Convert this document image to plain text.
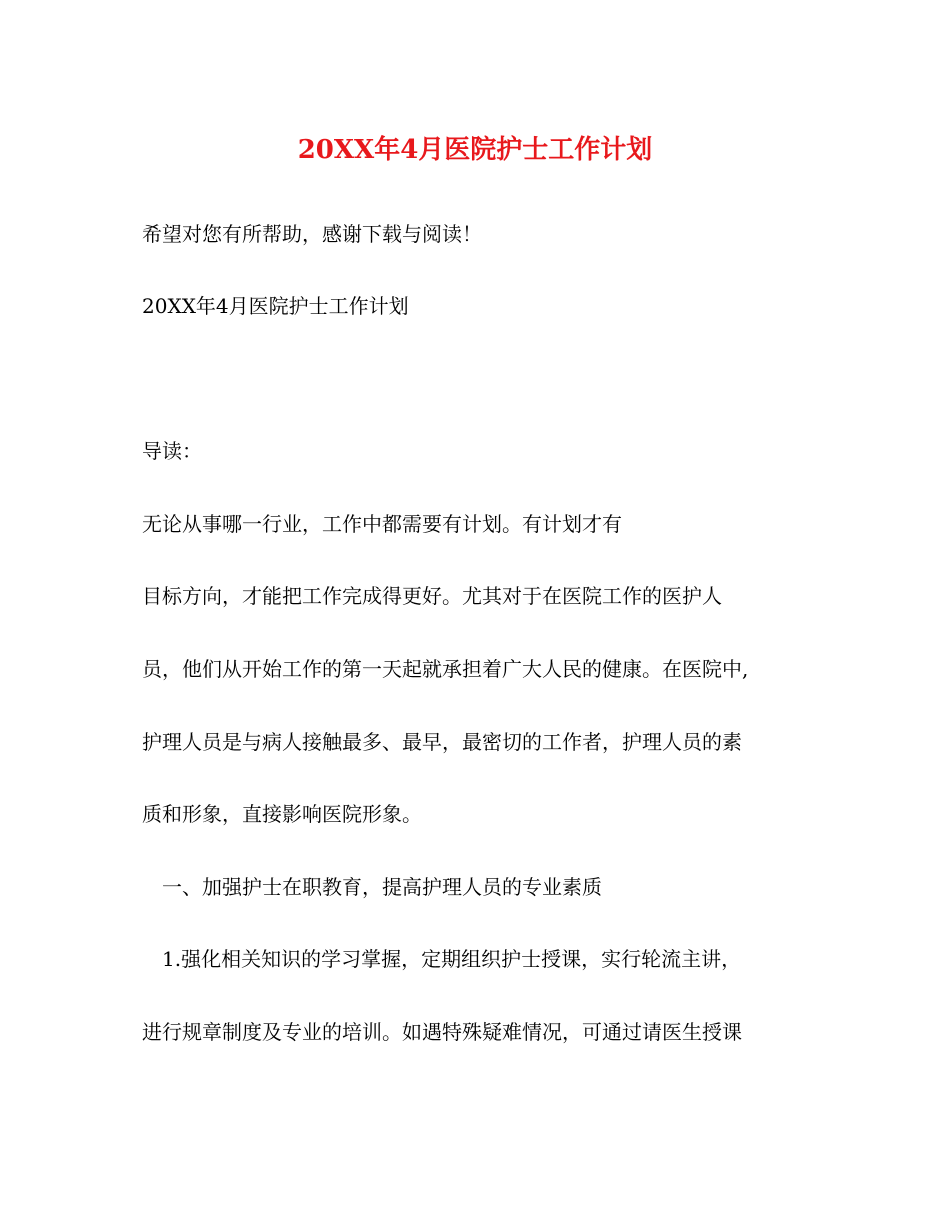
20XX年4月医院护士工作计划
希望对您有所帮助，感谢下载与阅读！
20XX年4月医院护士工作计划
导读：
无论从事哪一行业，工作中都需要有计划。有计划才有
目标方向，才能把工作完成得更好。尤其对于在医院工作的医护人
员，他们从开始工作的第一天起就承担着广大人民的健康。在医院中,
护理人员是与病人接触最多、最早，最密切的工作者，护理人员的素
质和形象，直接影响医院形象。
一、加强护士在职教育，提高护理人员的专业素质
1.强化相关知识的学习掌握，定期组织护士授课，实行轮流主讲，
进行规章制度及专业的培训。如遇特殊疑难情况，可通过请医生授课
